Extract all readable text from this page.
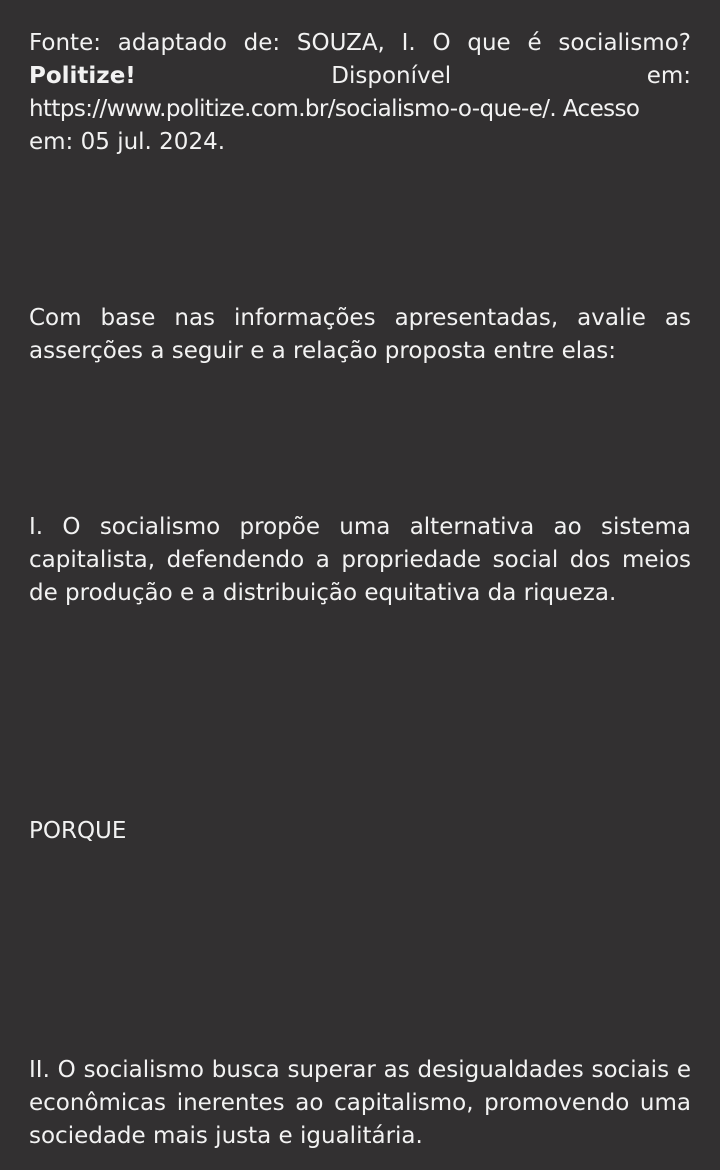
Fonte: adaptado de: SOUZA, I. O que é socialismo?
Politize!	Disponível	em:
https://www.politize.com.br/socialismo-o-que-e/. Acesso
em: 05 jul. 2024.

Com base nas informações apresentadas, avalie as asserções a seguir e a relação proposta entre elas:

I. O socialismo propõe uma alternativa ao sistema capitalista, defendendo a propriedade social dos meios de produção e a distribuição equitativa da riqueza.

PORQUE

II. O socialismo busca superar as desigualdades sociais e econômicas inerentes ao capitalismo, promovendo uma sociedade mais justa e igualitária.
